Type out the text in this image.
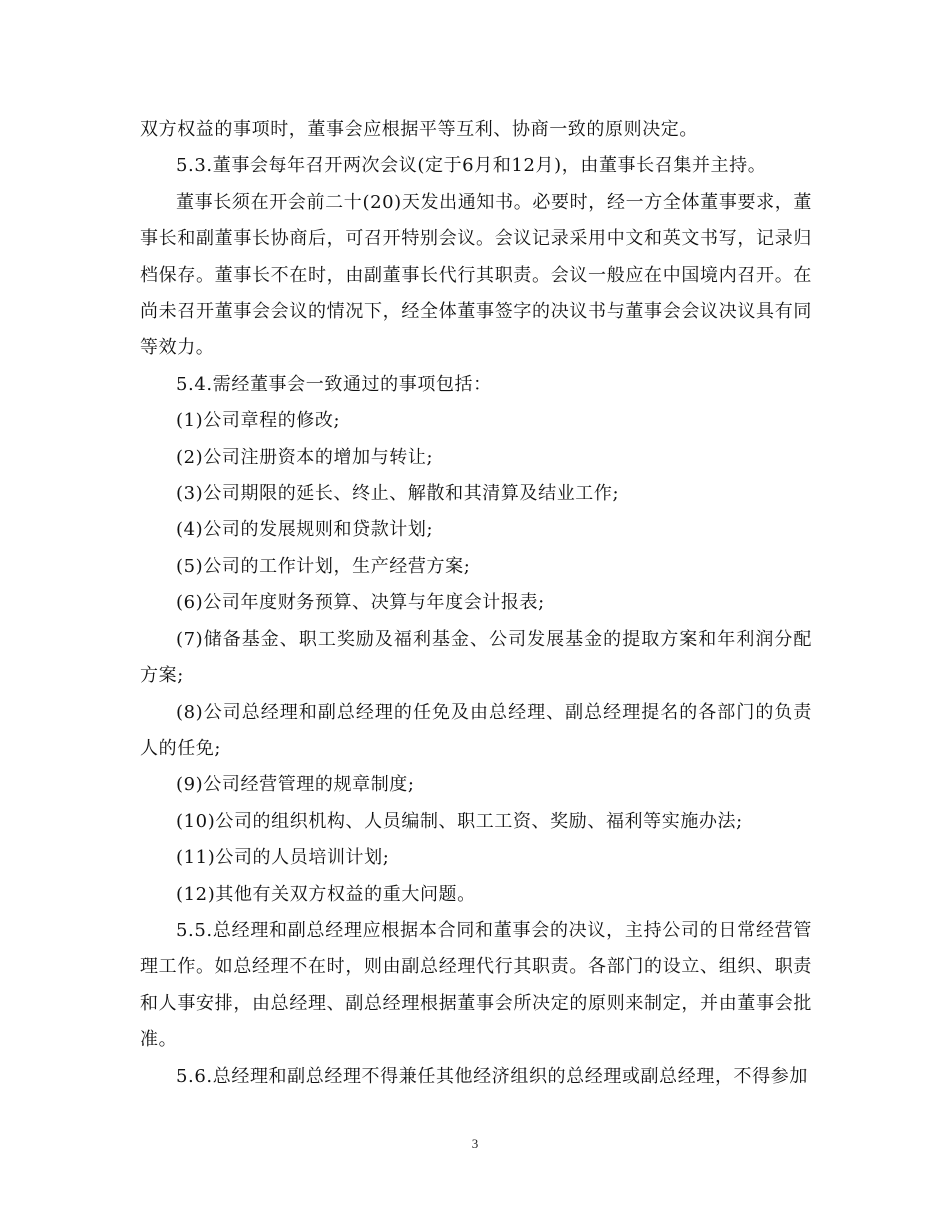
双方权益的事项时，董事会应根据平等互利、协商一致的原则决定。

5.3.董事会每年召开两次会议(定于6月和12月)，由董事长召集并主持。

董事长须在开会前二十(20)天发出通知书。必要时，经一方全体董事要求，董事长和副董事长协商后，可召开特别会议。会议记录采用中文和英文书写，记录归档保存。董事长不在时，由副董事长代行其职责。会议一般应在中国境内召开。在尚未召开董事会会议的情况下，经全体董事签字的决议书与董事会会议决议具有同等效力。

5.4.需经董事会一致通过的事项包括：

(1)公司章程的修改;

(2)公司注册资本的增加与转让;

(3)公司期限的延长、终止、解散和其清算及结业工作;

(4)公司的发展规则和贷款计划;

(5)公司的工作计划，生产经营方案;

(6)公司年度财务预算、决算与年度会计报表;

(7)储备基金、职工奖励及福利基金、公司发展基金的提取方案和年利润分配方案;

(8)公司总经理和副总经理的任免及由总经理、副总经理提名的各部门的负责人的任免;

(9)公司经营管理的规章制度;

(10)公司的组织机构、人员编制、职工工资、奖励、福利等实施办法;

(11)公司的人员培训计划;

(12)其他有关双方权益的重大问题。

5.5.总经理和副总经理应根据本合同和董事会的决议，主持公司的日常经营管理工作。如总经理不在时，则由副总经理代行其职责。各部门的设立、组织、职责和人事安排，由总经理、副总经理根据董事会所决定的原则来制定，并由董事会批准。

5.6.总经理和副总经理不得兼任其他经济组织的总经理或副总经理，不得参加

3
